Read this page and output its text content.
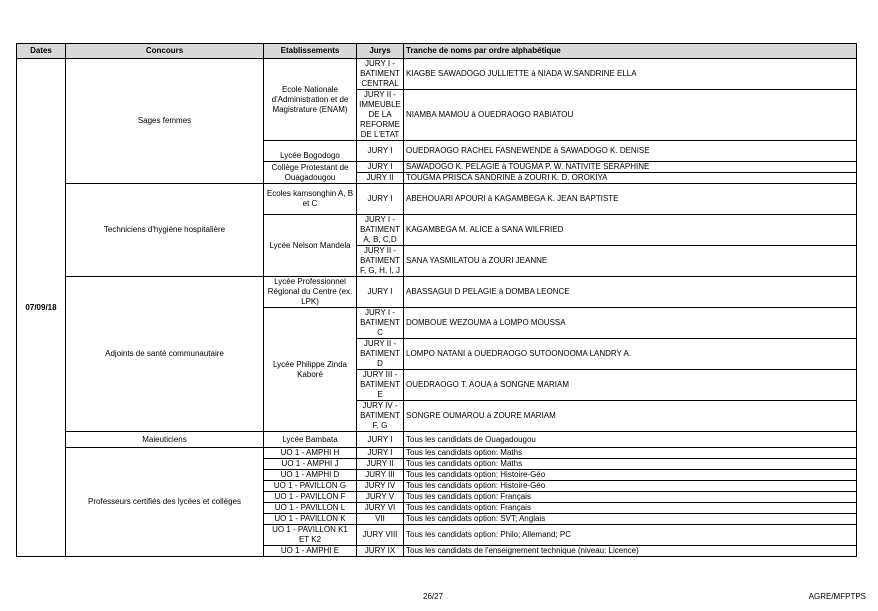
Dates	Concours	Etablissements	Jurys	Tranche de noms par ordre alphabétique
07/09/18	Sages femmes	Ecole Nationale d'Administration et de Magistrature (ENAM)	JURY I - BATIMENT CENTRAL	KIAGBE SAWADOGO JULLIETTE à NIADA W.SANDRINE ELLA
			JURY II - IMMEUBLE DE LA REFORME DE L'ETAT	NIAMBA MAMOU à OUEDRAOGO RABIATOU
		Lycée Bogodogo	JURY I	OUEDRAOGO RACHEL FASNEWENDE à SAWADOGO K. DENISE
		Collège Protestant de Ouagadougou	JURY I	SAWADOGO K. PELAGIE à TOUGMA P. W. NATIVITE SERAPHINE
			JURY II	TOUGMA PRISCA SANDRINE à ZOURI K. D. OROKIYA
	Techniciens d'hygiène hospitalière	Ecoles kamsonghin A, B et C	JURY I	ABEHOUARI APOURI à KAGAMBEGA K. JEAN BAPTISTE
		Lycée Nelson Mandela	JURY I - BATIMENT A, B, C,D	KAGAMBEGA M. ALICE à SANA WILFRIED
			JURY II - BATIMENT F, G, H, I, J	SANA YASMILATOU à ZOURI JEANNE
	Adjoints de santé communautaire	Lycée Professionnel Régional du Centre (ex. LPK)	JURY I	ABASSAGUI D PELAGIE à DOMBA LEONCE
		Lycée Philippe Zinda Kaboré	JURY I - BATIMENT C	DOMBOUE WEZOUMA à LOMPO MOUSSA
			JURY II - BATIMENT D	LOMPO NATANI à OUEDRAOGO SUTOONOOMA LANDRY A.
			JURY III - BATIMENT E	OUEDRAOGO T. AOUA à SONGNE MARIAM
			JURY IV - BATIMENT F, G	SONGRE OUMAROU à ZOURE MARIAM
	Maieuticiens	Lycée Bambata	JURY I	Tous les candidats de Ouagadougou
	Professeurs certifiés des lycées et collèges	UO 1 - AMPHI H	JURY I	Tous les candidats option: Maths
		UO 1 - AMPHI J	JURY II	Tous les candidats option: Maths
		UO 1 - AMPHI D	JURY III	Tous les candidats option: Histoire-Géo
		UO 1 - PAVILLON G	JURY IV	Tous les candidats option: Histoire-Géo
		UO 1 - PAVILLON F	JURY V	Tous les candidats option: Français
		UO 1 - PAVILLON L	JURY VI	Tous les candidats option: Français
		UO 1 - PAVILLON K	VII	Tous les candidats option: SVT; Anglais
		UO 1 - PAVILLON K1 ET K2	JURY VIII	Tous les candidats option: Philo; Allemand; PC
		UO 1 - AMPHI E	JURY IX	Tous les candidats de l'enseignement technique (niveau: Licence)
26/27	AGRE/MFPTPS
